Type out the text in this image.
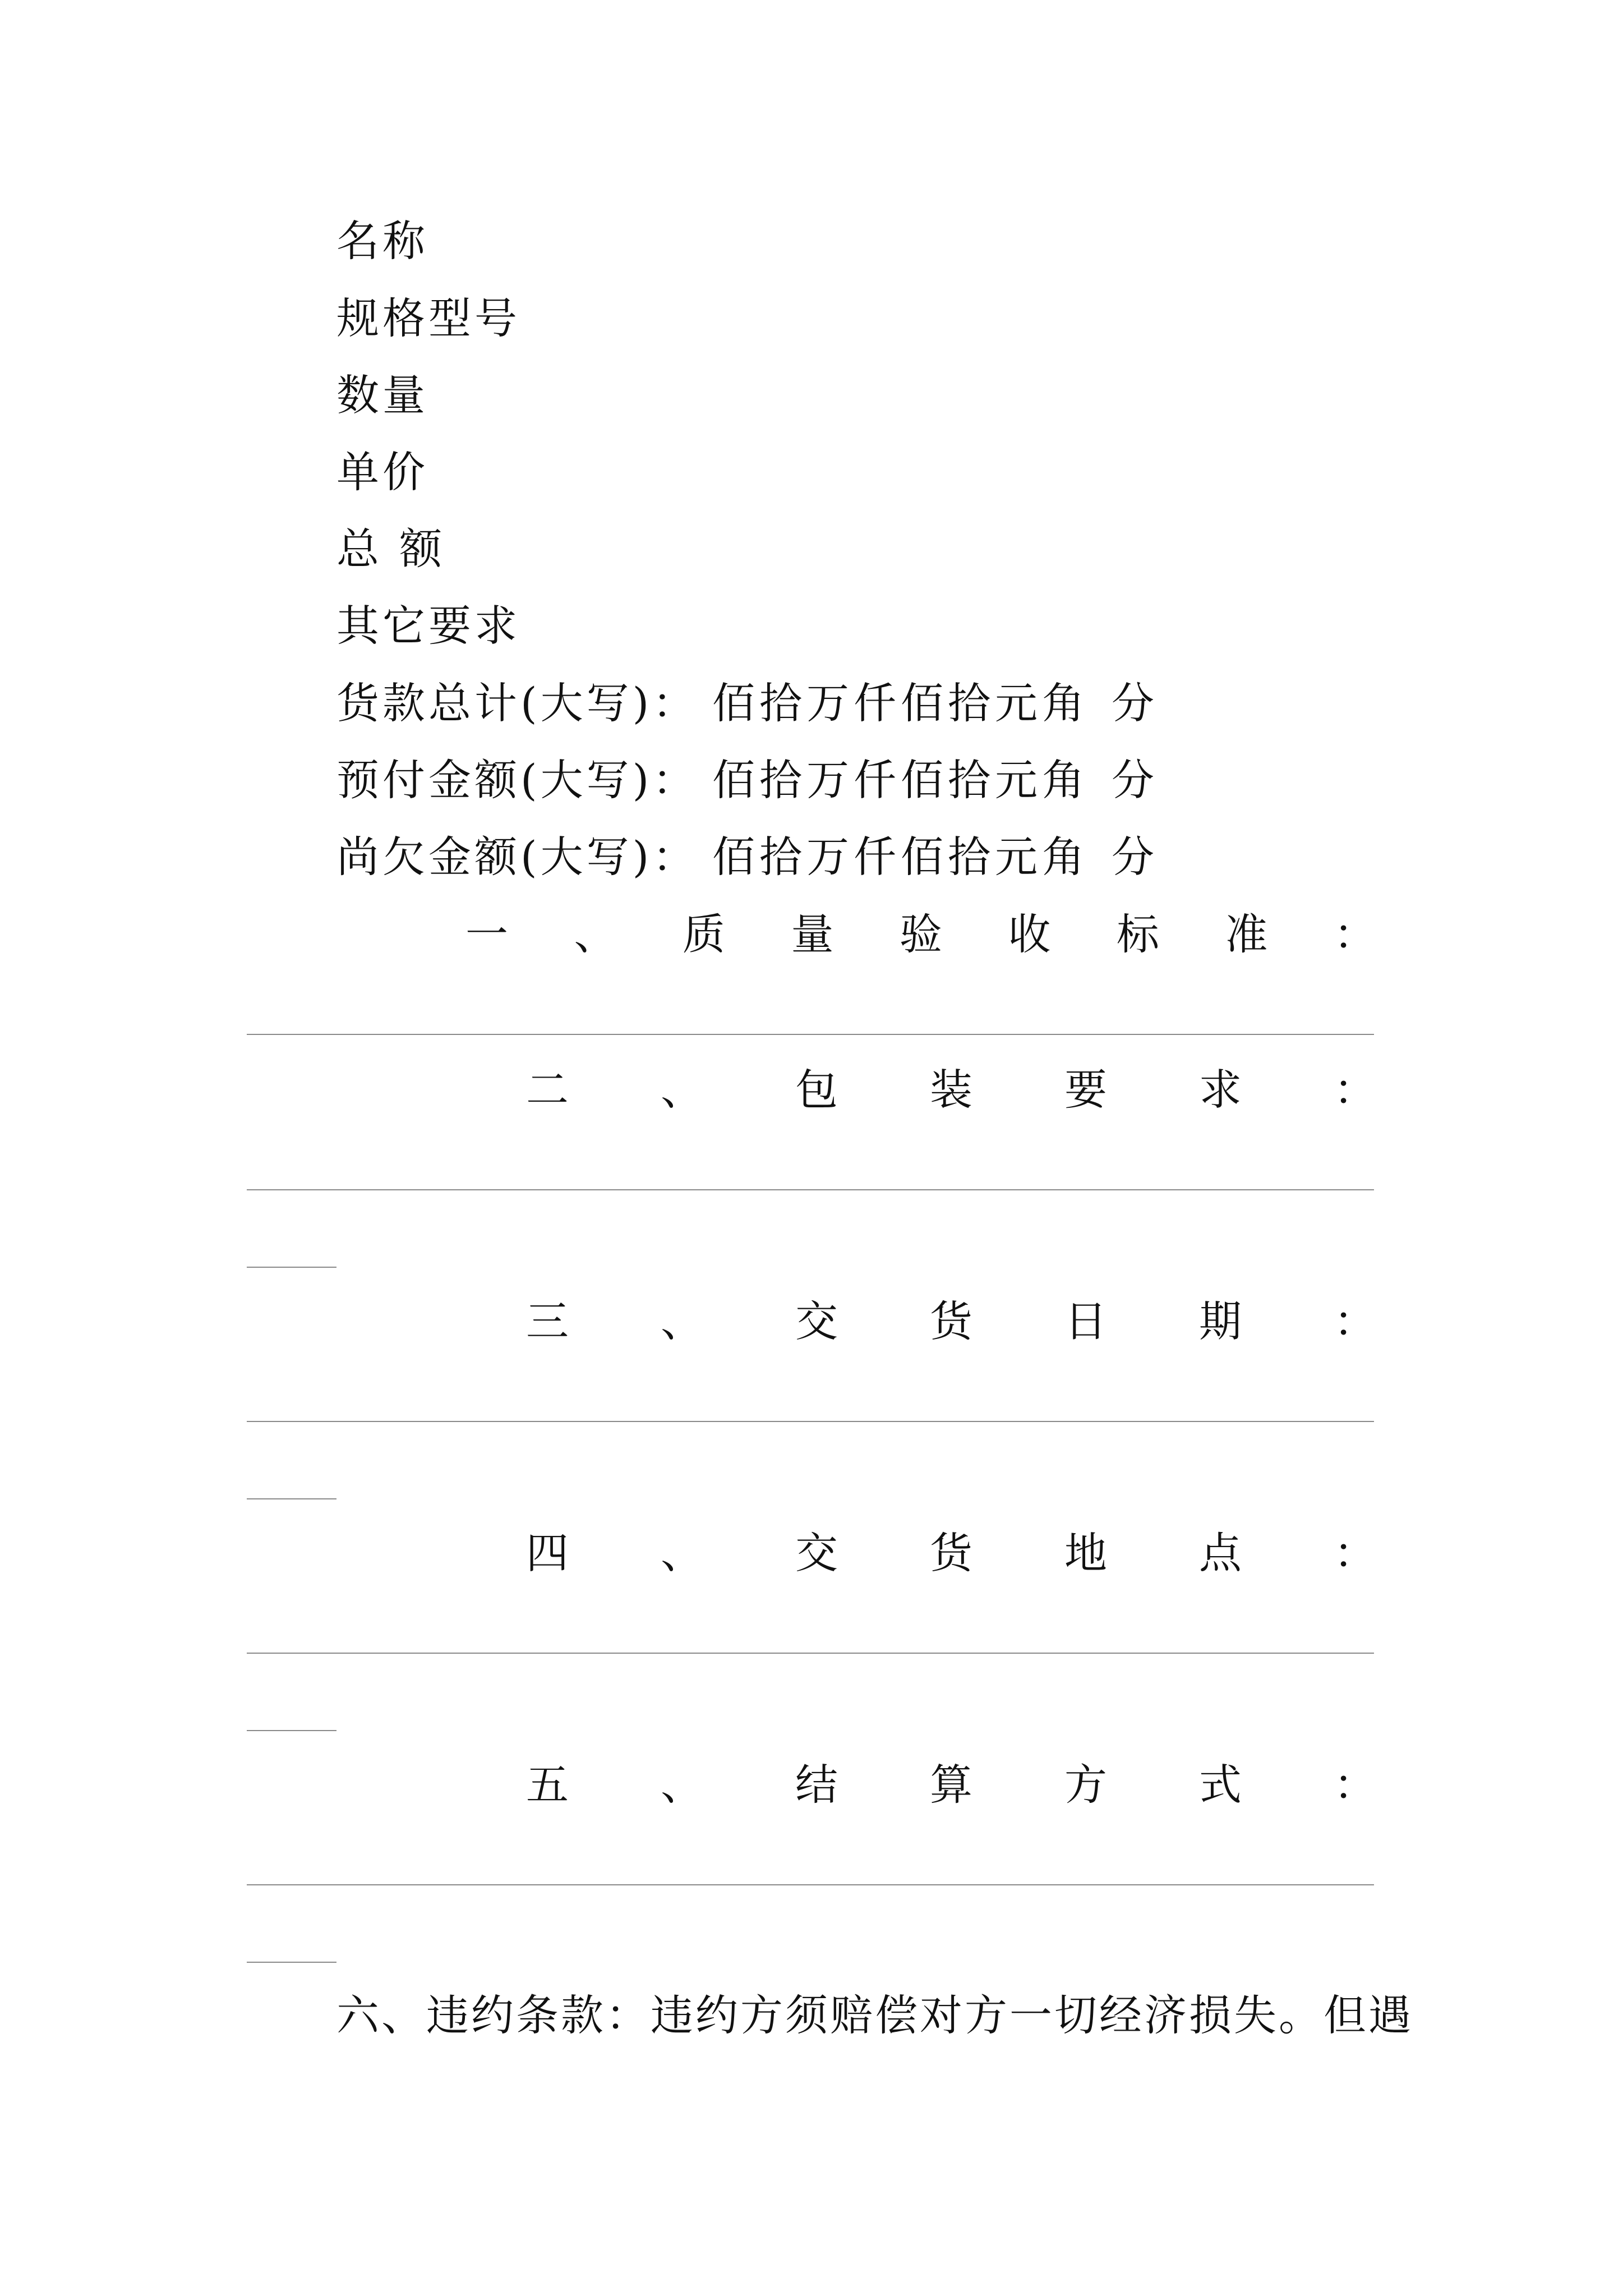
名称
规格型号
数量
单价
总 额
其它要求
货款总计(大写)： 佰拾万仟佰拾元角 分
预付金额(大写)： 佰拾万仟佰拾元角 分
尚欠金额(大写)： 佰拾万仟佰拾元角 分
一 、 质 量 验 收 标 准 ：
二 、 包 装 要 求 ：
三 、 交 货 日 期 ：
四 、 交 货 地 点 ：
五 、 结 算 方 式 ：
六、违约条款：违约方须赔偿对方一切经济损失。但遇
